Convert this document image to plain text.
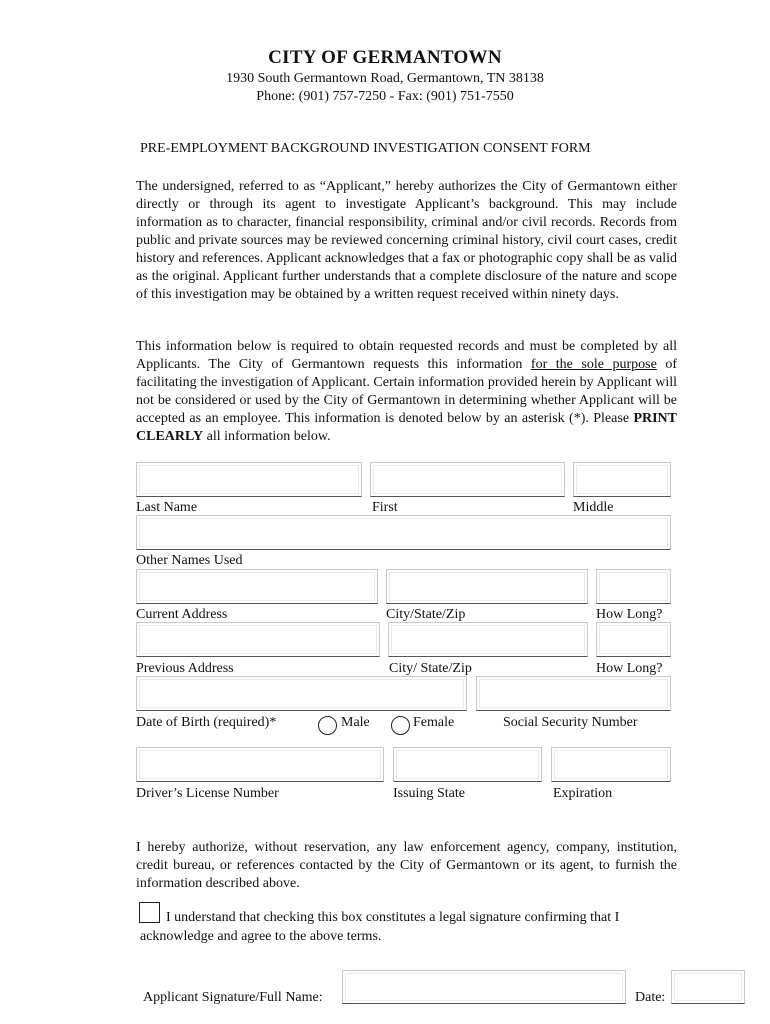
CITY OF GERMANTOWN
1930 South Germantown Road, Germantown, TN 38138
Phone: (901) 757-7250 - Fax: (901) 751-7550
PRE-EMPLOYMENT BACKGROUND INVESTIGATION CONSENT FORM

The undersigned, referred to as “Applicant,” hereby authorizes the City of Germantown either directly or through its agent to investigate Applicant’s background. This may include information as to character, financial responsibility, criminal and/or civil records. Records from public and private sources may be reviewed concerning criminal history, civil court cases, credit history and references. Applicant acknowledges that a fax or photographic copy shall be as valid as the original. Applicant further understands that a complete disclosure of the nature and scope of this investigation may be obtained by a written request received within ninety days.

This information below is required to obtain requested records and must be completed by all Applicants. The City of Germantown requests this information for the sole purpose of facilitating the investigation of Applicant. Certain information provided herein by Applicant will not be considered or used by the City of Germantown in determining whether Applicant will be accepted as an employee. This information is denoted below by an asterisk (*). Please PRINT CLEARLY all information below.

Last Name	First	Middle
Other Names Used
Current Address	City/State/Zip	How Long?
Previous Address	City/ State/Zip	How Long?
Date of Birth (required)*	Male	Female	Social Security Number
Driver’s License Number	Issuing State	Expiration

I hereby authorize, without reservation, any law enforcement agency, company, institution, credit bureau, or references contacted by the City of Germantown or its agent, to furnish the information described above.

I understand that checking this box constitutes a legal signature confirming that I acknowledge and agree to the above terms.

Applicant Signature/Full Name:	Date:
